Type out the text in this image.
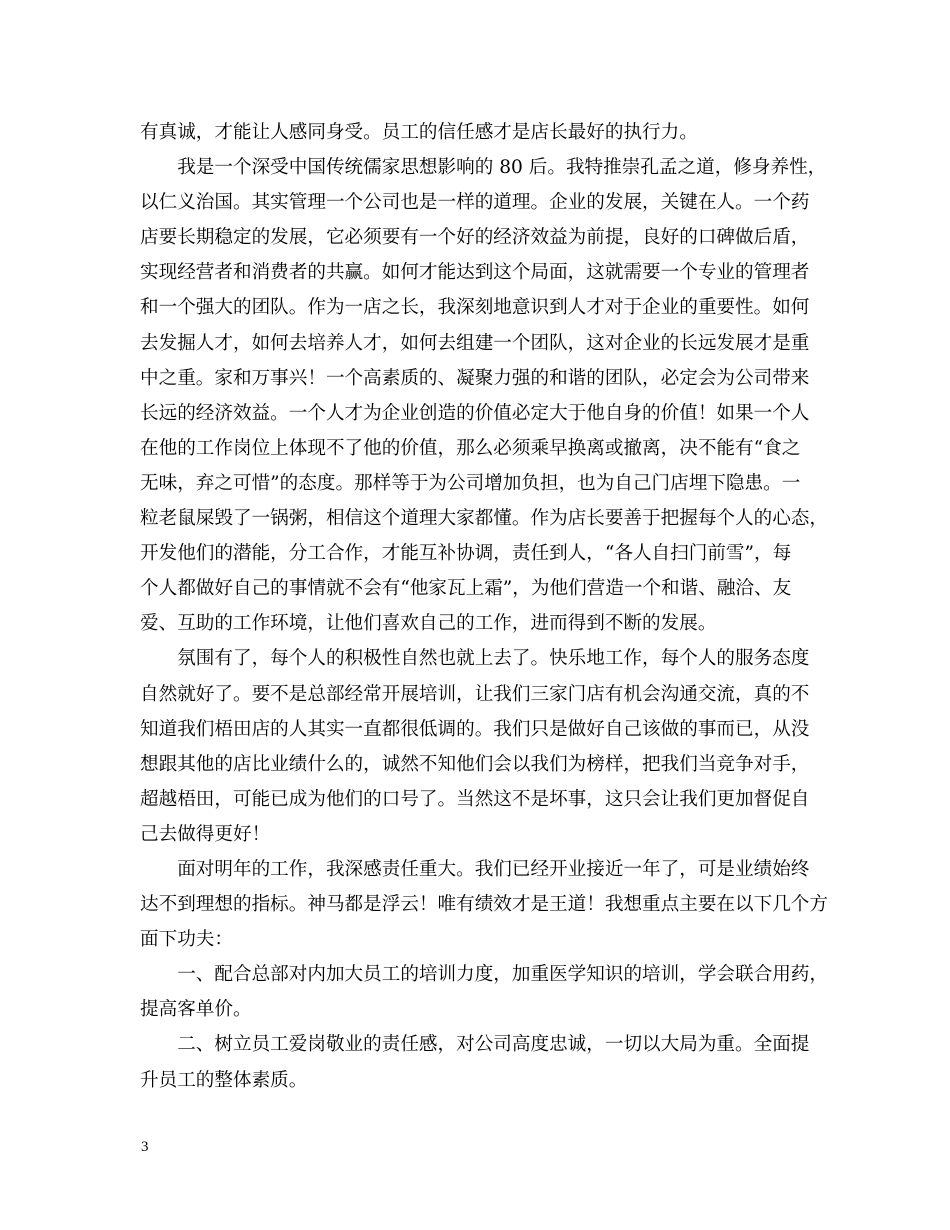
有真诚，才能让人感同身受。员工的信任感才是店长最好的执行力。

　　我是一个深受中国传统儒家思想影响的 80 后。我特推崇孔孟之道，修身养性，

以仁义治国。其实管理一个公司也是一样的道理。企业的发展，关键在人。一个药

店要长期稳定的发展，它必须要有一个好的经济效益为前提，良好的口碑做后盾，

实现经营者和消费者的共赢。如何才能达到这个局面，这就需要一个专业的管理者

和一个强大的团队。作为一店之长，我深刻地意识到人才对于企业的重要性。如何

去发掘人才，如何去培养人才，如何去组建一个团队，这对企业的长远发展才是重

中之重。家和万事兴！一个高素质的、凝聚力强的和谐的团队，必定会为公司带来

长远的经济效益。一个人才为企业创造的价值必定大于他自身的价值！如果一个人

在他的工作岗位上体现不了他的价值，那么必须乘早换离或撤离，决不能有“食之

无味，弃之可惜”的态度。那样等于为公司增加负担，也为自己门店埋下隐患。一

粒老鼠屎毁了一锅粥，相信这个道理大家都懂。作为店长要善于把握每个人的心态，

开发他们的潜能，分工合作，才能互补协调，责任到人，“各人自扫门前雪”，每

个人都做好自己的事情就不会有“他家瓦上霜”，为他们营造一个和谐、融洽、友

爱、互助的工作环境，让他们喜欢自己的工作，进而得到不断的发展。

　　氛围有了，每个人的积极性自然也就上去了。快乐地工作，每个人的服务态度

自然就好了。要不是总部经常开展培训，让我们三家门店有机会沟通交流，真的不

知道我们梧田店的人其实一直都很低调的。我们只是做好自己该做的事而已，从没

想跟其他的店比业绩什么的，诚然不知他们会以我们为榜样，把我们当竞争对手，

超越梧田，可能已成为他们的口号了。当然这不是坏事，这只会让我们更加督促自

己去做得更好！

　　面对明年的工作，我深感责任重大。我们已经开业接近一年了，可是业绩始终

达不到理想的指标。神马都是浮云！唯有绩效才是王道！我想重点主要在以下几个方

面下功夫：

　　一、配合总部对内加大员工的培训力度，加重医学知识的培训，学会联合用药，

提高客单价。

　　二、树立员工爱岗敬业的责任感，对公司高度忠诚，一切以大局为重。全面提

升员工的整体素质。

3
